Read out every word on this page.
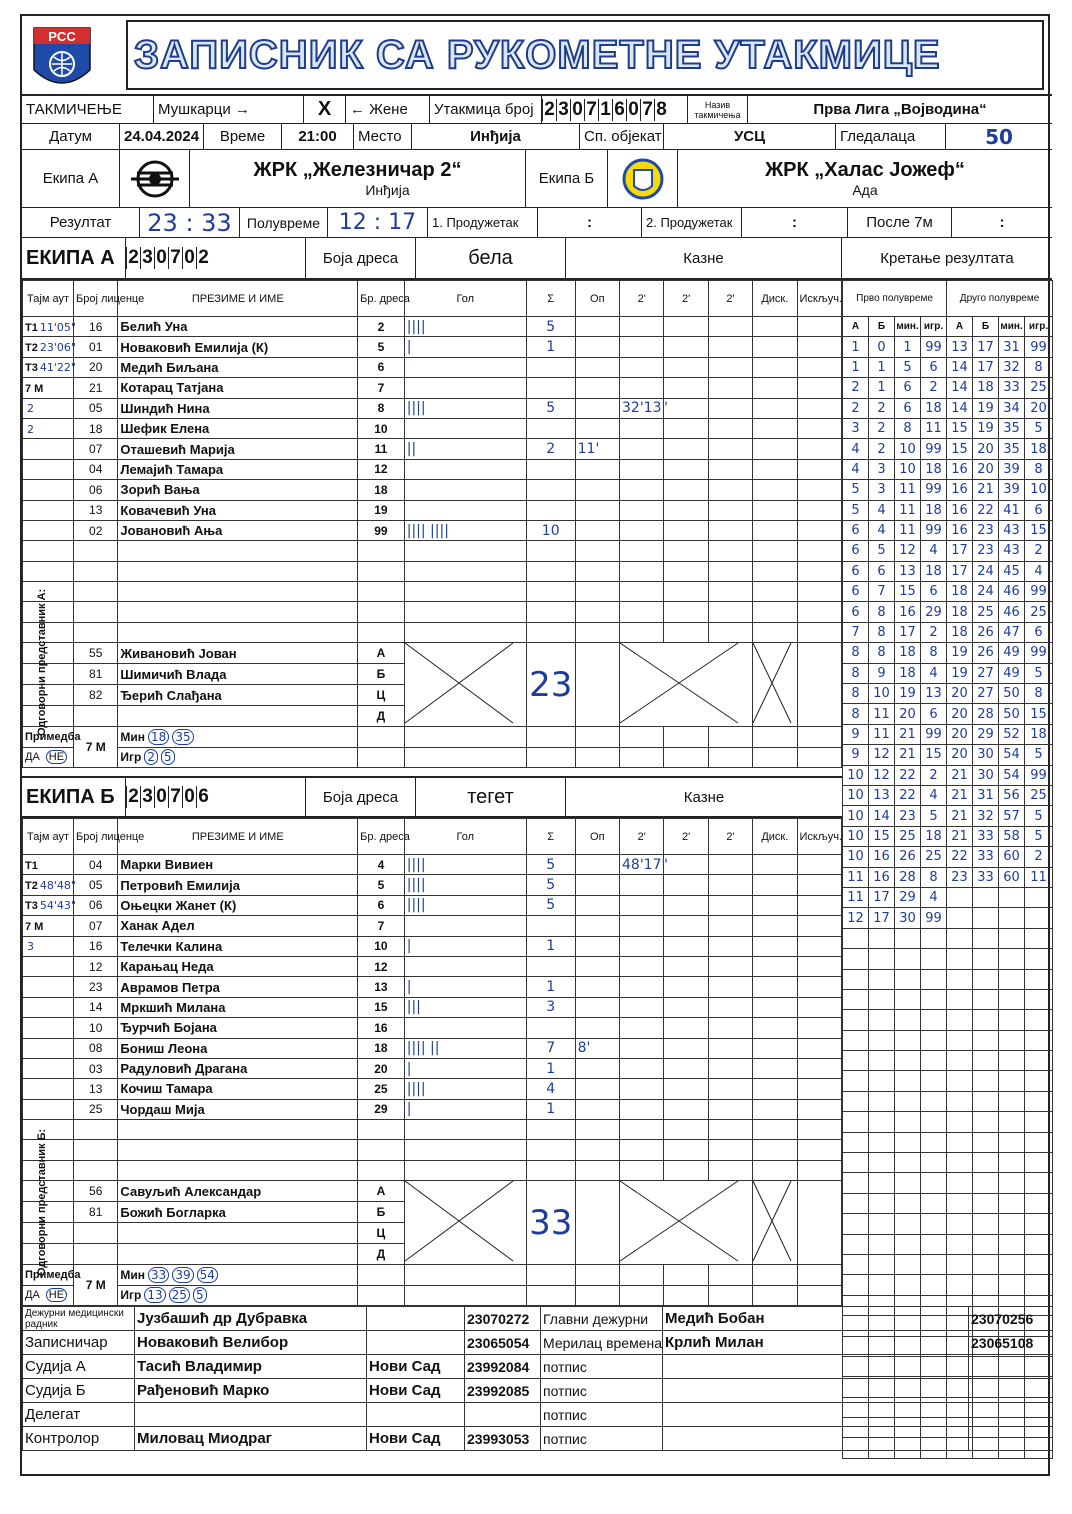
PCC ЗАПИСНИК СА РУКОМЕТНЕ УТАКМИЦЕ
ТАКМИЧЕЊЕ	Мушкарци →	X	← Жене	Утакмица број 2 3 0 7 1 6 0 7 8	Назив такмичења	Прва Лига „Војводина“
Датум	24.04.2024	Време	21:00	Место	Инђија	Сп. објекат	УСЦ	Гледалаца	50
Екипа А	ЖРК „Железничар 2“
Инђија
Екипа Б	ЖРК „Халас Јожеф“
Ада
Резултат	23 : 33	Полувреме 12 : 17	1. Продужетак	:	2. Продужетак	:	После 7м	:
ЕКИПА А 2 3 0 7 0 2	Боја дреса	бела	Казне	Кретање резултата
Тајм аут	Број лиценце	ПРЕЗИМЕ И ИМЕ	Бр. дреса	Гол	Σ	Оп	2'	2'	2'	Диск.	Искључ.
T1 11'05"	16	Белић Уна	2	||||	5						
T2 23'06"	01	Новаковић Емилија (К)	5	|	1						
T3 41'22"	20	Медић Биљана	6								
7 М	21	Котарац Татјана	7								
2	05	Шиндић Нина	8	||||	5		32'13"				
2	18	Шефик Елена	10								
	07	Оташевић Марија	11	||	2	11'					
	04	Лемајић Тамара	12								
	06	Зорић Вања	18								
	13	Ковачевић Уна	19								
	02	Јовановић Ања	99	|||| ||||	10						

	55	Живановић Јован	А		23				
	81	Шимичић Влада	Б								
	82	Ђерић Слађана	Ц								
			Д								
Примедба	7 М	Мин 18 35									
ДА НЕ		Игр 2 5									
Одговорни представник А:
ЕКИПА Б 2 3 0 7 0 6	Боја дреса	тегет	Казне
Тајм аут	Број лиценце	ПРЕЗИМЕ И ИМЕ	Бр. дреса	Гол	Σ	Оп	2'	2'	2'	Диск.	Искључ.
T1	04	Марки Вивиен	4	||||	5		48'17"				
T2 48'48"	05	Петровић Емилија	5	||||	5						
T3 54'43"	06	Оњецки Жанет (К)	6	||||	5						
7 М	07	Ханак Адел	7								
3	16	Телечки Калина	10	|	1						
	12	Карањац Неда	12								
	23	Аврамов Петра	13	|	1						
	14	Мркшић Милана	15	|||	3						
	10	Ђурчић Бојана	16								
	08	Бониш Леона	18	|||| ||	7	8'					
	03	Радуловић Драгана	20	|	1						
	13	Кочиш Тамара	25	||||	4						
	25	Чордаш Мија	29	|	1						

	56	Савуљић Александар	А		33				
	81	Божић Богларка	Б								
			Ц								
			Д								
Примедба	7 М	Мин 33 39 54									
ДА НЕ		Игр 13 25 5									
Одговорни представник Б:
Прво полувреме				Друго полувреме			
А	Б	мин.	игр.	А	Б	мин.	игр.
1	0	1	99	13	17	31	99
1	1	5	6	14	17	32	8
2	1	6	2	14	18	33	25
2	2	6	18	14	19	34	20
3	2	8	11	15	19	35	5
4	2	10	99	15	20	35	18
4	3	10	18	16	20	39	8
5	3	11	99	16	21	39	10
5	4	11	18	16	22	41	6
6	4	11	99	16	23	43	15
6	5	12	4	17	23	43	2
6	6	13	18	17	24	45	4
6	7	15	6	18	24	46	99
6	8	16	29	18	25	46	25
7	8	17	2	18	26	47	6
8	8	18	8	19	26	49	99
8	9	18	4	19	27	49	5
8	10	19	13	20	27	50	8
8	11	20	6	20	28	50	15
9	11	21	99	20	29	52	18
9	12	21	15	20	30	54	5
10	12	22	2	21	30	54	99
10	13	22	4	21	31	56	25
10	14	23	5	21	32	57	5
10	15	25	18	21	33	58	5
10	16	26	25	22	33	60	2
11	16	28	8	23	33	60	11
11	17	29	4				
12	17	30	99				

Дежурни медицински радник	Јузбашић др Дубравка		23070272	Главни дежурни	Медић Бобан	23070256
Записничар	Новаковић Велибор		23065054	Мерилац времена	Крлић Милан	23065108
Судија А	Тасић Владимир	Нови Сад	23992084	потпис		
Судија Б	Рађеновић Марко	Нови Сад	23992085	потпис		
Делегат				потпис		
Контролор	Миловац Миодраг	Нови Сад	23993053	потпис		
